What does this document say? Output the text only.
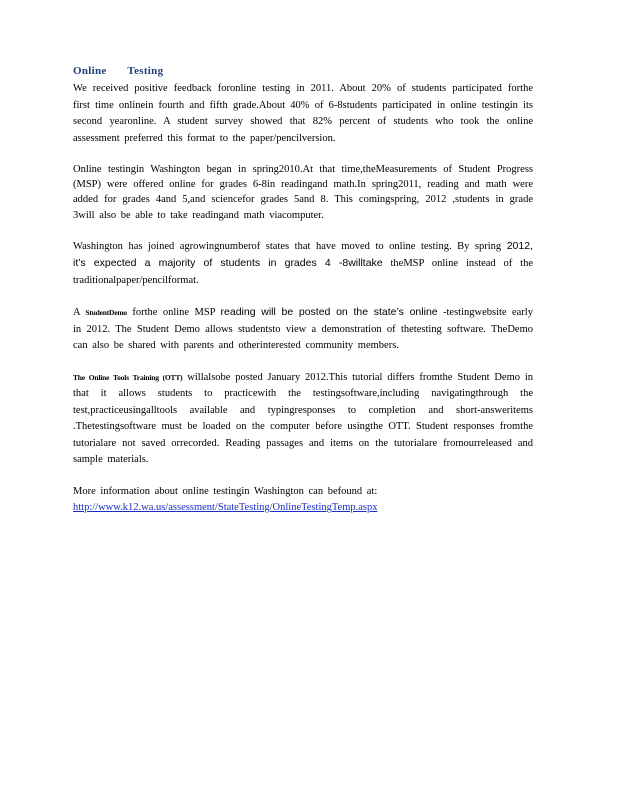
Online Testing

We received positive feedback foronline testing in 2011. About 20% of students participated forthe first time onlinein fourth and fifth grade.About 40% of 6-8students participated in online testingin its second yearonline. A student survey showed that 82% percent of students who took the online assessment preferred this format to the paper/pencilversion.

Online testingin Washington began in spring2010.At that time,theMeasurements of Student Progress (MSP) were offered online for grades 6-8in readingand math.In spring2011, reading and math were added for grades 4and 5,and sciencefor grades 5and 8. This comingspring, 2012 ,students in grade 3will also be able to take readingand math viacomputer.

Washington has joined agrowingnumberof states that have moved to online testing. By spring 2012, it’s expected a majority of students in grades 4 -8willtake theMSP online instead of the traditionalpaper/pencilformat.

A StudentDemo forthe online MSP reading will be posted on the state’s online -testingwebsite early in 2012. The Student Demo allows studentsto view a demonstration of thetesting software. TheDemo can also be shared with parents and otherinterested community members.

The Online Tools Training (OTT) willalsobe posted January 2012.This tutorial differs fromthe Student Demo in that it allows students to practicewith the testingsoftware,including navigatingthrough the test,practiceusingalltools available and typingresponses to completion and short-answeritems .Thetestingsoftware must be loaded on the computer before usingthe OTT. Student responses fromthe tutorialare not saved orrecorded. Reading passages and items on the tutorialare fromourreleased and sample materials.

More information about online testingin Washington can befound at:
http://www.k12.wa.us/assessment/StateTesting/OnlineTestingTemp.aspx
